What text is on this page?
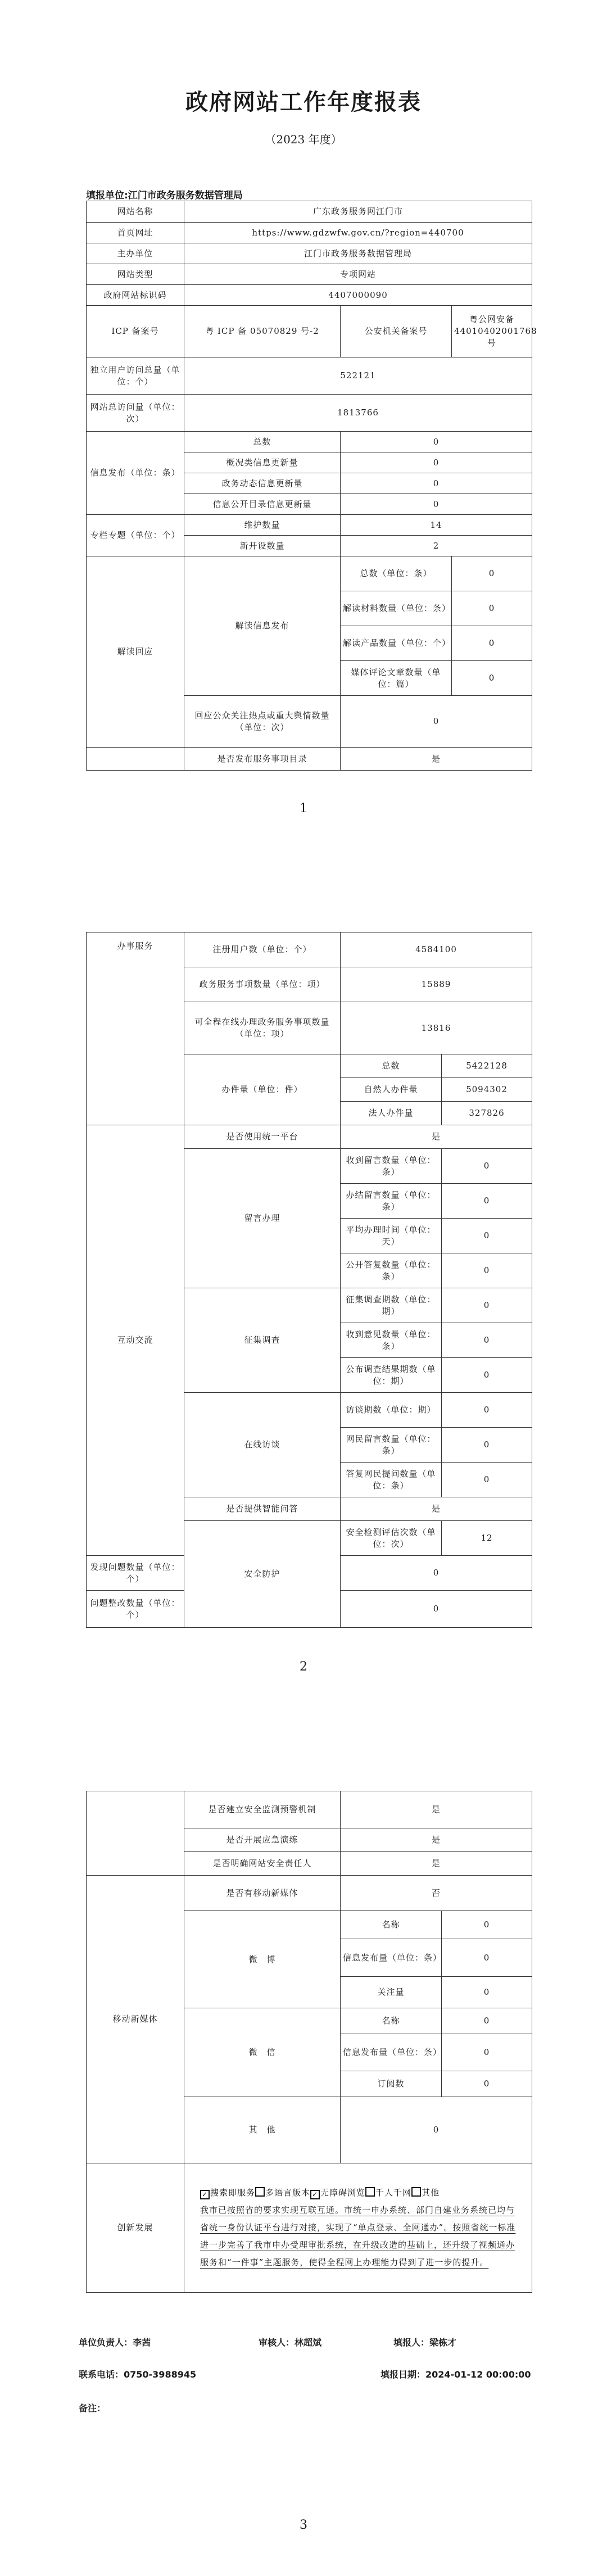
政府网站工作年度报表
（2023 年度）
填报单位:江门市政务服务数据管理局
网站名称	广东政务服务网江门市		
首页网址	https://www.gdzwfw.gov.cn/?region=440700		
主办单位	江门市政务服务数据管理局		
网站类型	专项网站		
政府网站标识码	4407000090		
ICP 备案号	粤 ICP 备 05070829 号-2	公安机关备案号	粤公网安备44010402001768 号
独立用户访问总量（单位：个）	522121		
网站总访问量（单位：次）	1813766		
信息发布（单位：条）	总数	0	
	概况类信息更新量	0	
	政务动态信息更新量	0	
	信息公开目录信息更新量	0	
专栏专题（单位：个）	维护数量	14	
	新开设数量	2	
解读回应	解读信息发布	总数（单位：条）	0
		解读材料数量（单位：条）	0
		解读产品数量（单位：个）	0
		媒体评论文章数量（单位：篇）	0
	回应公众关注热点或重大舆情数量（单位：次）	0	
	是否发布服务事项目录	是	
1
办事服务	注册用户数（单位：个）	4584100	
	政务服务事项数量（单位：项）	15889	
	可全程在线办理政务服务事项数量（单位：项）	13816	
	办件量（单位：件）	总数	5422128
		自然人办件量	5094302
		法人办件量	327826
互动交流	是否使用统一平台	是	
	留言办理	收到留言数量（单位：条）	0
		办结留言数量（单位：条）	0
		平均办理时间（单位：天）	0
		公开答复数量（单位：条）	0
	征集调查	征集调查期数（单位：期）	0
		收到意见数量（单位：条）	0
		公布调查结果期数（单位：期）	0
	在线访谈	访谈期数（单位：期）	0
		网民留言数量（单位：条）	0
		答复网民提问数量（单位：条）	0
	是否提供智能问答	是	
	安全防护	安全检测评估次数（单位：次）	12
发现问题数量（单位：个）		0	
问题整改数量（单位：个）		0	
2
	是否建立安全监测预警机制	是	
	是否开展应急演练	是	
	是否明确网站安全责任人	是	
移动新媒体	是否有移动新媒体	否	
	微　博	名称	0
		信息发布量（单位：条）	0
		关注量	0
	微　信	名称	0
		信息发布量（单位：条）	0
		订阅数	0
	其　他	0	
创新发展	✓ 搜索即服务 多语言版本 ✓ 无障碍浏览 千人千网 其他
我市已按照省的要求实现互联互通。市统一申办系统、部门自建业务系统已均与省统一身份认证平台进行对接，实现了“单点登录、全网通办”。按照省统一标准进一步完善了我市申办受理审批系统，在升级改造的基础上，还升级了视频通办服务和“一件事”主题服务，使得全程网上办理能力得到了进一步的提升。		
单位负责人：李茜	审核人：林超斌	填报人：梁栋才
联系电话：0750-3988945	填报日期：2024-01-12 00:00:00
备注：
3
